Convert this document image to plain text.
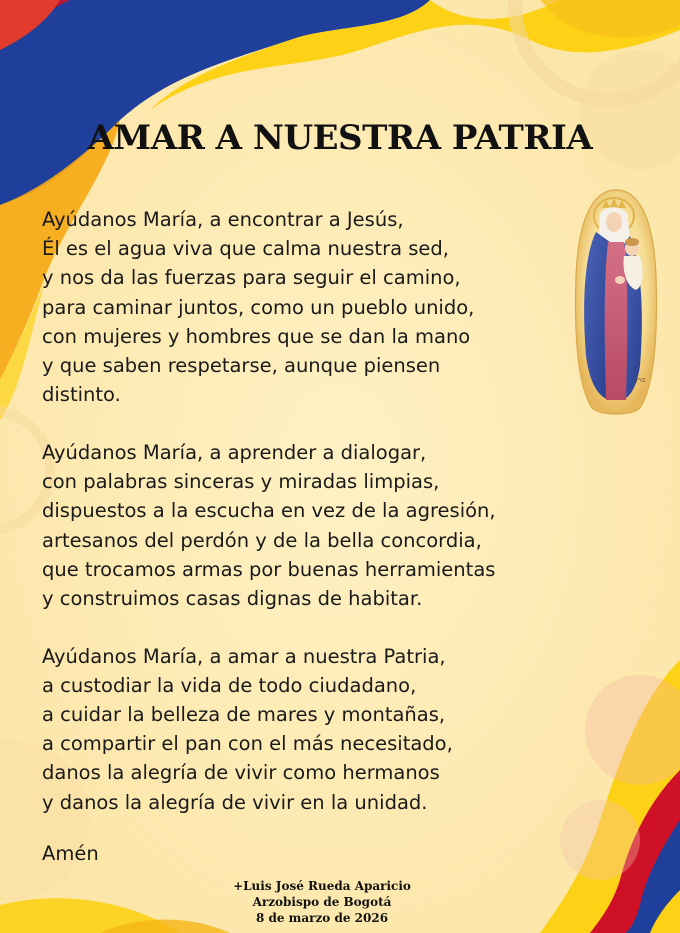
AMAR A NUESTRA PATRIA

Ayúdanos María, a encontrar a Jesús,
Él es el agua viva que calma nuestra sed,
y nos da las fuerzas para seguir el camino,
para caminar juntos, como un pueblo unido,
con mujeres y hombres que se dan la mano
y que saben respetarse, aunque piensen
distinto.

Ayúdanos María, a aprender a dialogar,
con palabras sinceras y miradas limpias,
dispuestos a la escucha en vez de la agresión,
artesanos del perdón y de la bella concordia,
que trocamos armas por buenas herramientas
y construimos casas dignas de habitar.

Ayúdanos María, a amar a nuestra Patria,
a custodiar la vida de todo ciudadano,
a cuidar la belleza de mares y montañas,
a compartir el pan con el más necesitado,
danos la alegría de vivir como hermanos
y danos la alegría de vivir en la unidad.

Amén

+Luis José Rueda Aparicio
Arzobispo de Bogotá
8 de marzo de 2026
FYZ
